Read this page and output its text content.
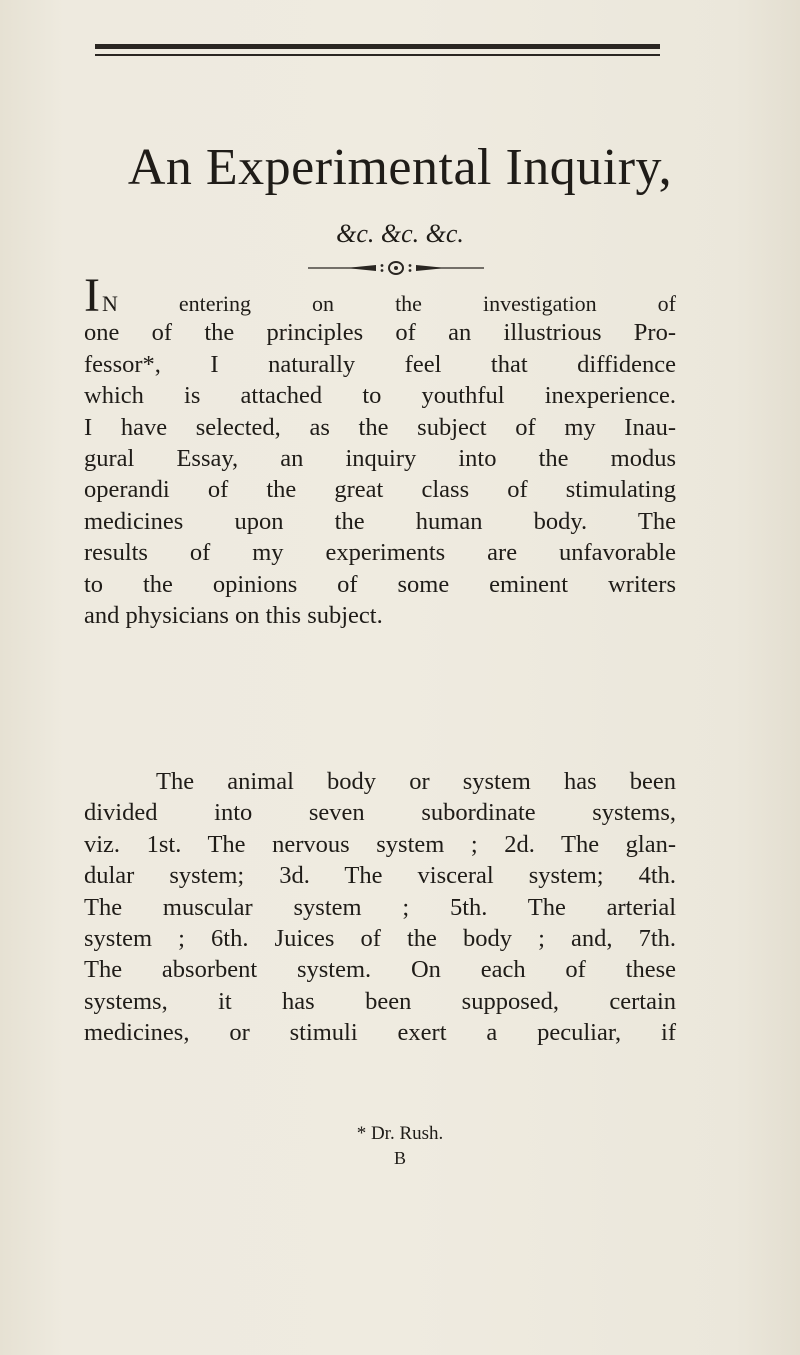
An Experimental Inquiry,
&c. &c. &c.
IN entering on the investigation of
one of the principles of an illustrious Pro-
fessor*, I naturally feel that diffidence
which is attached to youthful inexperience.
I have selected, as the subject of my Inau-
gural Essay, an inquiry into the modus
operandi of the great class of stimulating
medicines upon the human body. The
results of my experiments are unfavorable
to the opinions of some eminent writers
and physicians on this subject.
The animal body or system has been
divided into seven subordinate systems,
viz. 1st. The nervous system ; 2d. The glan-
dular system; 3d. The visceral system; 4th.
The muscular system ; 5th. The arterial
system ; 6th. Juices of the body ; and, 7th.
The absorbent system. On each of these
systems, it has been supposed, certain
medicines, or stimuli exert a peculiar, if
* Dr. Rush.
B
